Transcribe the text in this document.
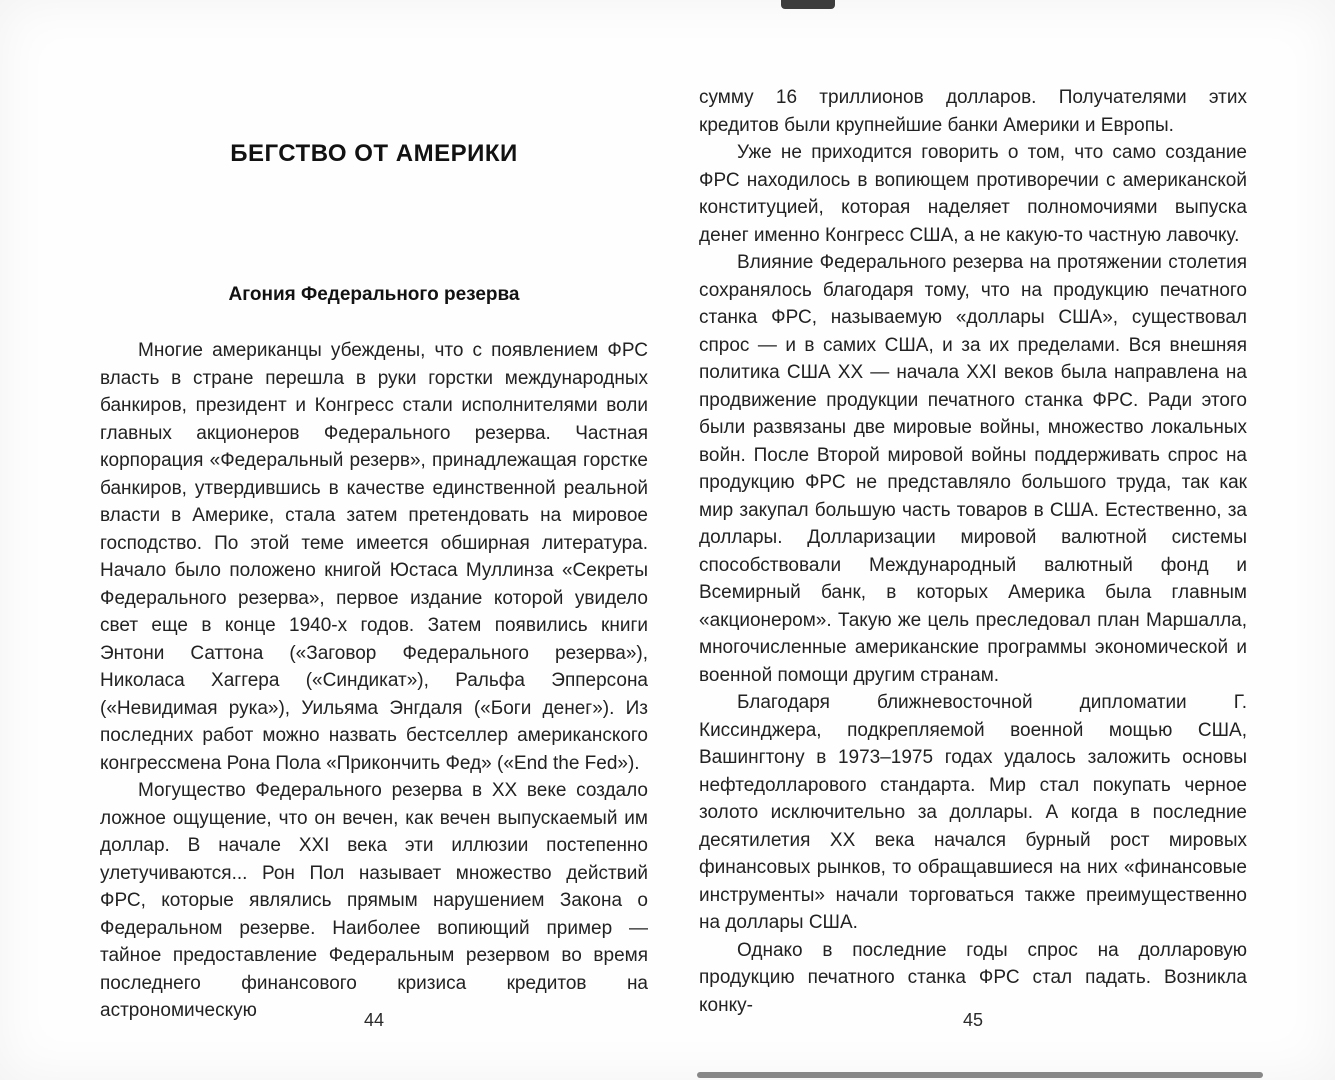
БЕГСТВО ОТ АМЕРИКИ
Агония Федерального резерва

Многие американцы убеждены, что с появлением ФРС власть в стране перешла в руки горстки международных банкиров, президент и Конгресс стали исполнителями воли главных акционеров Федерального резерва. Частная корпорация «Федеральный резерв», принадлежащая горстке банкиров, утвердившись в качестве единственной реальной власти в Америке, стала затем претендовать на мировое господство. По этой теме имеется обширная литература. Начало было положено книгой Юстаса Муллинза «Секреты Федерального резерва», первое издание которой увидело свет еще в конце 1940-х годов. Затем появились книги Энтони Саттона («Заговор Федерального резерва»), Николаса Хаггера («Синдикат»), Ральфа Эпперсона («Невидимая рука»), Уильяма Энгдаля («Боги денег»). Из последних работ можно назвать бестселлер американского конгрессмена Рона Пола «Прикончить Фед» («End the Fed»).

Могущество Федерального резерва в XX веке создало ложное ощущение, что он вечен, как вечен выпускаемый им доллар. В начале XXI века эти иллюзии постепенно улетучиваются... Рон Пол называет множество действий ФРС, которые являлись прямым нарушением Закона о Федеральном резерве. Наиболее вопиющий пример — тайное предоставление Федеральным резервом во время последнего финансового кризиса кредитов на астрономическую	44

сумму 16 триллионов долларов. Получателями этих кредитов были крупнейшие банки Америки и Европы.

Уже не приходится говорить о том, что само создание ФРС находилось в вопиющем противоречии с американской конституцией, которая наделяет полномочиями выпуска денег именно Конгресс США, а не какую-то частную лавочку.

Влияние Федерального резерва на протяжении столетия сохранялось благодаря тому, что на продукцию печатного станка ФРС, называемую «доллары США», существовал спрос — и в самих США, и за их пределами. Вся внешняя политика США XX — начала XXI веков была направлена на продвижение продукции печатного станка ФРС. Ради этого были развязаны две мировые войны, множество локальных войн. После Второй мировой войны поддерживать спрос на продукцию ФРС не представляло большого труда, так как мир закупал большую часть товаров в США. Естественно, за доллары. Долларизации мировой валютной системы способствовали Международный валютный фонд и Всемирный банк, в которых Америка была главным «акционером». Такую же цель преследовал план Маршалла, многочисленные американские программы экономической и военной помощи другим странам.

Благодаря ближневосточной дипломатии Г. Киссинджера, подкрепляемой военной мощью США, Вашингтону в 1973–1975 годах удалось заложить основы нефтедолларового стандарта. Мир стал покупать черное золото исключительно за доллары. А когда в последние десятилетия XX века начался бурный рост мировых финансовых рынков, то обращавшиеся на них «финансовые инструменты» начали торговаться также преимущественно на доллары США.

Однако в последние годы спрос на долларовую продукцию печатного станка ФРС стал падать. Возникла конку-

45
